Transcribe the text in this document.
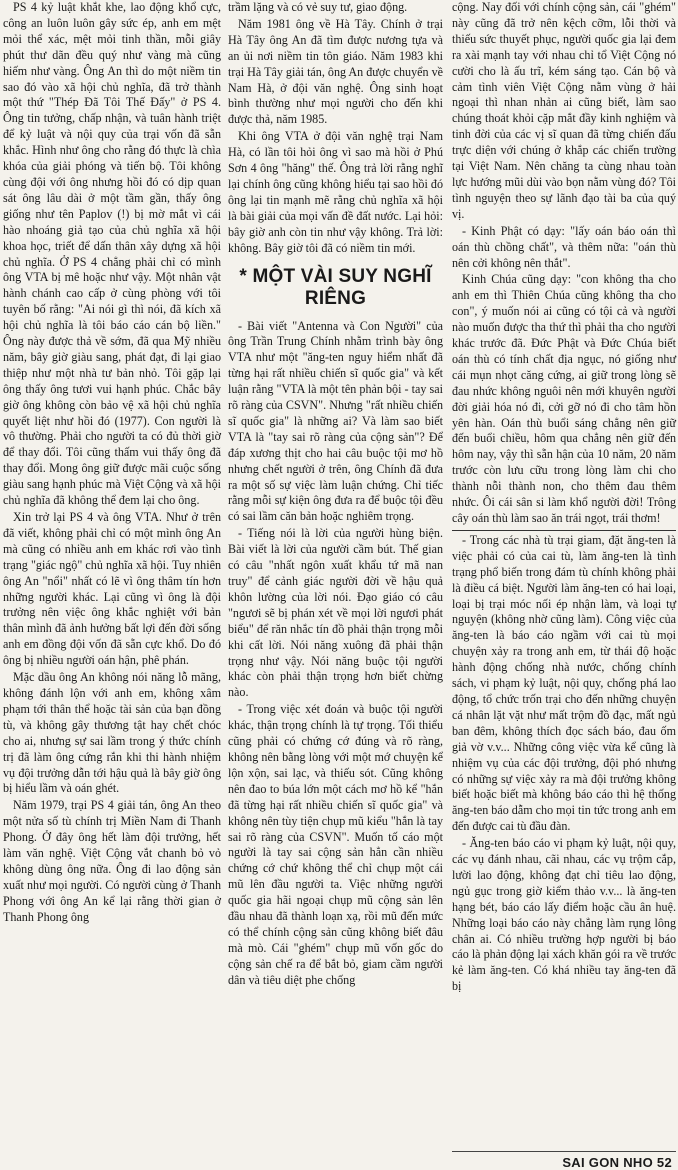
PS 4 kỷ luật khắt khe, lao động khổ cực, công an luôn luôn gây sức ép, anh em mệt mỏi thể xác, mệt mỏi tinh thần, mỗi giây phút thư dãn đều quý như vàng mà cũng hiếm như vàng. Ông An thì do một niềm tin sao đó vào xã hội chủ nghĩa, đã trở thành một thứ "Thép Đã Tôi Thế Đấy" ở PS 4. Ông tin tưởng, chấp nhận, và tuân hành triệt để kỷ luật và nội quy của trại vốn đã sẵn khắc. Hình như ông cho rằng đó thực là chìa khóa của giải phóng và tiến bộ. Tôi không cùng đội với ông nhưng hồi đó có dịp quan sát ông lâu dài ở một tầm gần, thấy ông giống như tên Paplov (!) bị mờ mắt vì cái hào nhoáng giả tạo của chủ nghĩa xã hội khoa học, triết để dấn thân xây dựng xã hội chủ nghĩa. Ở PS 4 chẳng phải chỉ có mình ông VTA bị mê hoặc như vậy. Một nhân vật hành chánh cao cấp ở cùng phòng với tôi tuyên bố rằng: "Ai nói gì thì nói, đã kích xã hội chủ nghĩa là tôi báo cáo cán bộ liền." Ông này được thả về sớm, đã qua Mỹ nhiều năm, bây giờ giàu sang, phát đạt, đi lại giao thiệp như một nhà tư bản nhỏ. Tôi gặp lại ông thấy ông tươi vui hạnh phúc. Chắc bây giờ ông không còn bảo vệ xã hội chủ nghĩa quyết liệt như hồi đó (1977). Con người là vô thường. Phải cho người ta có đủ thời giờ để thay đổi. Tôi cũng thấm vui thấy ông đã thay đổi. Mong ông giữ được mãi cuộc sống giàu sang hạnh phúc mà Việt Cộng và xã hội chủ nghĩa đã không thể đem lại cho ông.

Xin trở lại PS 4 và ông VTA. Như ở trên đã viết, không phải chỉ có một mình ông An mà cũng có nhiều anh em khác rơi vào tình trạng "giác ngộ" chủ nghĩa xã hội. Tuy nhiên ông An "nổi" nhất có lẽ vì ông thâm tín hơn những người khác. Lại cũng vì ông là đội trưởng nên việc ông khắc nghiệt với bản thân mình đã ảnh hưởng bất lợi đến đời sống anh em đồng đội vốn đã sẵn cực khổ. Do đó ông bị nhiều người oán hận, phê phán.

Mặc dầu ông An không nói năng lỗ mãng, không đánh lộn với anh em, không xâm phạm tới thân thể hoặc tài sản của bạn đồng tù, và không gây thương tật hay chết chóc cho ai, nhưng sự sai lầm trong ý thức chính trị đã làm ông cứng rắn khi thi hành nhiệm vụ đội trưởng dẫn tới hậu quả là bây giờ ông bị hiểu lầm và oán ghét.

Năm 1979, trại PS 4 giải tán, ông An theo một nửa số tù chính trị Miền Nam đi Thanh Phong. Ở đây ông hết làm đội trưởng, hết làm văn nghệ. Việt Cộng vắt chanh bỏ vỏ không dùng ông nữa. Ông đi lao động sản xuất như mọi người. Có người cùng ở Thanh Phong với ông An kể lại rằng thời gian ở Thanh Phong ông

trầm lặng và có vẻ suy tư, giao động.

Năm 1981 ông về Hà Tây. Chính ở trại Hà Tây ông An đã tìm được nương tựa và an ủi nơi niềm tin tôn giáo. Năm 1983 khi trại Hà Tây giải tán, ông An được chuyển về Nam Hà, ở đội văn nghệ. Ông sinh hoạt bình thường như mọi người cho đến khi được thả, năm 1985.

Khi ông VTA ở đội văn nghệ trại Nam Hà, có lần tôi hỏi ông vì sao mà hồi ở Phú Sơn 4 ông "hăng" thế. Ông trả lời rằng nghĩ lại chính ông cũng không hiểu tại sao hồi đó ông lại tin mạnh mẽ rằng chủ nghĩa xã hội là bài giải của mọi vấn đề đất nước. Lại hỏi: bây giờ anh còn tin như vậy không. Trả lời: không. Bây giờ tôi đã có niềm tin mới.

* MỘT VÀI SUY NGHĨ RIÊNG

- Bài viết "Antenna và Con Người" của ông Trần Trung Chính nhằm trình bày ông VTA như một "ăng-ten nguy hiểm nhất đã từng hại rất nhiều chiến sĩ quốc gia" và kết luận rằng "VTA là một tên phản bội - tay sai rõ ràng của CSVN". Nhưng "rất nhiều chiến sĩ quốc gia" là những ai? Và làm sao biết VTA là "tay sai rõ ràng của cộng sản"? Để đáp xương thịt cho hai câu buộc tội mơ hồ nhưng chết người ở trên, ông Chính đã đưa ra một số sự việc làm luận chứng. Chỉ tiếc rằng mỗi sự kiện ông đưa ra để buộc tội đều có sai lầm căn bản hoặc nghiêm trọng.

- Tiếng nói là lời của người hùng biện. Bài viết là lời của người cầm bút. Thế gian có câu "nhất ngôn xuất khẩu tứ mã nan truy" để cảnh giác người đời về hậu quả khôn lường của lời nói. Đạo giáo có câu "ngươi sẽ bị phán xét về mọi lời ngươi phát biểu" để răn nhắc tín đồ phải thận trọng mỗi khi cất lời. Nói năng xuông đã phải thận trọng như vậy. Nói năng buộc tội người khác còn phải thận trọng hơn biết chừng nào.

- Trong việc xét đoán và buộc tội người khác, thận trọng chính là tự trọng. Tối thiểu cũng phải có chứng cớ đúng và rõ ràng, không nên bằng lòng với một mớ chuyện kể lộn xộn, sai lạc, và thiếu sót. Cũng không nên đao to búa lớn một cách mơ hồ kể "hắn đã từng hại rất nhiều chiến sĩ quốc gia" và không nên tùy tiện chụp mũ kiểu "hắn là tay sai rõ ràng của CSVN". Muốn tố cáo một người là tay sai cộng sản hẳn cần nhiều chứng cớ chứ không thể chỉ chụp một cái mũ lên đầu người ta. Việc những người quốc gia hãi ngoại chụp mũ cộng sản lên đầu nhau đã thành loạn xạ, rồi mũ đến mức có thể chính cộng sản cũng không biết đâu mà mò. Cái "ghém" chụp mũ vốn gốc do cộng sản chế ra để bắt bỏ, giam cầm người dân và tiêu diệt phe chống

cộng. Nay đối với chính cộng sản, cái "ghém" này cũng đã trở nên kệch cỡm, lỗi thời và thiếu sức thuyết phục, người quốc gia lại đem ra xài mạnh tay với nhau chỉ tổ Việt Cộng nó cười cho là ấu trĩ, kém sáng tạo. Cán bộ và cảm tình viên Việt Cộng nằm vùng ở hải ngoại thì nhan nhản ai cũng biết, làm sao chúng thoát khỏi cặp mắt đầy kinh nghiệm và tinh đời của các vị sĩ quan đã từng chiến đấu trực diện với chúng ở khắp các chiến trường tại Việt Nam. Nên chăng ta cùng nhau toàn lực hướng mũi dùi vào bọn nằm vùng đó? Tôi tình nguyện theo sự lãnh đạo tài ba của quý vị.

- Kinh Phật có dạy: "lấy oán báo oán thì oán thù chồng chất", và thêm nữa: "oán thù nên cởi không nên thắt".

Kinh Chúa cũng dạy: "con không tha cho anh em thì Thiên Chúa cũng không tha cho con", ý muốn nói ai cũng có tội cả và người nào muốn được tha thứ thì phải tha cho người khác trước đã. Đức Phật và Đức Chúa biết oán thù có tính chất địa ngục, nó giống như cái mụn nhọt căng cứng, ai giữ trong lòng sẽ đau nhức không nguôi nên mới khuyên người đời giải hóa nó đi, cởi gỡ nó đi cho tâm hồn yên hàn. Oán thù buổi sáng chẳng nên giữ đến buổi chiều, hôm qua chẳng nên giữ đến hôm nay, vậy thì sẵn hận của 10 năm, 20 năm trước còn lưu cữu trong lòng làm chi cho thành nỗi thành non, cho thêm đau thêm nhức. Ôi cái sân si làm khổ người đời! Trông cây oán thù làm sao ăn trái ngọt, trái thơm!

- Trong các nhà tù trại giam, đặt ăng-ten là việc phải có của cai tù, làm ăng-ten là tình trạng phổ biến trong đám tù chính không phải là điều cá biệt. Người làm ăng-ten có hai loại, loại bị trại móc nối ép nhận làm, và loại tự nguyện (không nhờ cũng làm). Công việc của ăng-ten là báo cáo ngầm với cai tù mọi chuyện xảy ra trong anh em, từ thái độ hoặc hành động chống nhà nước, chống chính sách, vi phạm kỷ luật, nội quy, chống phá lao động, tổ chức trốn trại cho đến những chuyện cá nhân lặt vặt như mất trộm đồ đạc, mất ngủ ban đêm, không thích đọc sách báo, đau ốm giả vờ v.v... Những công việc vừa kể cũng là nhiệm vụ của các đội trưởng, đội phó nhưng có những sự việc xảy ra mà đội trưởng không biết hoặc biết mà không báo cáo thì hệ thống ăng-ten báo dẫm cho mọi tin tức trong anh em đến được cai tù đầu đàn.

- Ăng-ten báo cáo vi phạm kỷ luật, nội quy, các vụ đánh nhau, cãi nhau, các vụ trộm cắp, lười lao động, không đạt chỉ tiêu lao động, ngủ gục trong giờ kiểm thảo v.v... là ăng-ten hạng bét, báo cáo lấy điểm hoặc cầu ân huệ. Những loại báo cáo này chẳng làm rụng lông chân ai. Có nhiều trường hợp người bị báo cáo là phản động lại xách khăn gói ra về trước kẻ làm ăng-ten. Có khá nhiều tay ăng-ten đã bị

SAI GON NHO 52
